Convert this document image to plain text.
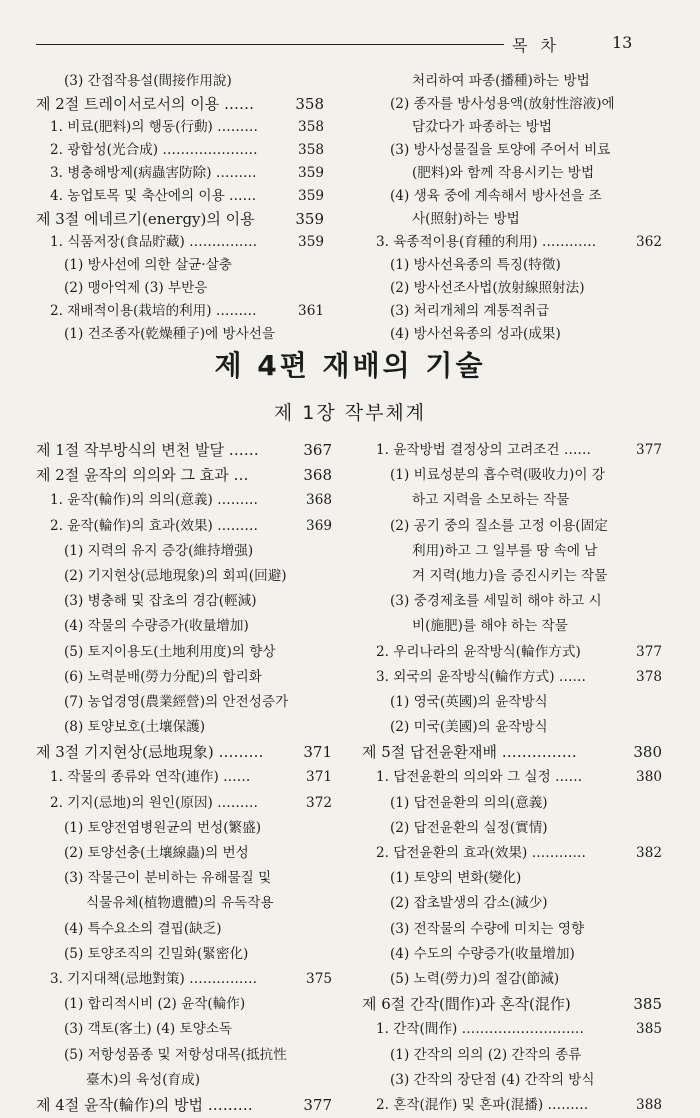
목 차	13
(3) 간접작용설(間接作用說)
제 2절 트레이서로서의 이용 ……	358
1. 비료(肥料)의 행동(行動) ………	358
2. 광합성(光合成) …………………	358
3. 병충해방제(病蟲害防除) ………	359
4. 농업토목 및 축산에의 이용 ……	359
제 3절 에네르기(energy)의 이용	359
1. 식품저장(食品貯藏) ……………	359
(1) 방사선에 의한 살균·살충
(2) 맹아억제 (3) 부반응
2. 재배적이용(栽培的利用) ………	361
(1) 건조종자(乾燥種子)에 방사선을
처리하여 파종(播種)하는 방법
(2) 종자를 방사성용액(放射性溶液)에
담갔다가 파종하는 방법
(3) 방사성물질을 토양에 주어서 비료
(肥料)와 함께 작용시키는 방법
(4) 생육 중에 계속해서 방사선을 조
사(照射)하는 방법
3. 육종적이용(育種的利用) …………	362
(1) 방사선육종의 특징(特徵)
(2) 방사선조사법(放射線照射法)
(3) 처리개체의 계통적취급
(4) 방사선육종의 성과(成果)
제 4편 재배의 기술
제 1장 작부체계
제 1절 작부방식의 변천 발달 ……	367
제 2절 윤작의 의의와 그 효과 …	368
1. 윤작(輪作)의 의의(意義) ………	368
2. 윤작(輪作)의 효과(效果) ………	369
(1) 지력의 유지 증강(維持增强)
(2) 기지현상(忌地現象)의 회피(回避)
(3) 병충해 및 잡초의 경감(輕減)
(4) 작물의 수량증가(收量增加)
(5) 토지이용도(土地利用度)의 향상
(6) 노력분배(勞力分配)의 합리화
(7) 농업경영(農業經營)의 안전성증가
(8) 토양보호(土壤保護)
제 3절 기지현상(忌地現象) ………	371
1. 작물의 종류와 연작(連作) ……	371
2. 기지(忌地)의 원인(原因) ………	372
(1) 토양전염병원균의 번성(繁盛)
(2) 토양선충(土壤線蟲)의 번성
(3) 작물근이 분비하는 유해물질 및
식물유체(植物遺體)의 유독작용
(4) 특수요소의 결핍(缺乏)
(5) 토양조직의 긴밀화(緊密化)
3. 기지대책(忌地對策) ……………	375
(1) 합리적시비 (2) 윤작(輪作)
(3) 객토(客土) (4) 토양소독
(5) 저항성품종 및 저항성대목(抵抗性
臺木)의 육성(育成)
제 4절 윤작(輪作)의 방법 ………	377
1. 윤작방법 결정상의 고려조건 ……	377
(1) 비료성분의 흡수력(吸收力)이 강
하고 지력을 소모하는 작물
(2) 공기 중의 질소를 고정 이용(固定
利用)하고 그 일부를 땅 속에 남
겨 지력(地力)을 증진시키는 작물
(3) 중경제초를 세밀히 해야 하고 시
비(施肥)를 해야 하는 작물
2. 우리나라의 윤작방식(輪作方式)	377
3. 외국의 윤작방식(輪作方式) ……	378
(1) 영국(英國)의 윤작방식
(2) 미국(美國)의 윤작방식
제 5절 답전윤환재배 ……………	380
1. 답전윤환의 의의와 그 실정 ……	380
(1) 답전윤환의 의의(意義)
(2) 답전윤환의 실정(實情)
2. 답전윤환의 효과(效果) …………	382
(1) 토양의 변화(變化)
(2) 잡초발생의 감소(減少)
(3) 전작물의 수량에 미치는 영향
(4) 수도의 수량증가(收量增加)
(5) 노력(勞力)의 절감(節減)
제 6절 간작(間作)과 혼작(混作)	385
1. 간작(間作) ………………………	385
(1) 간작의 의의 (2) 간작의 종류
(3) 간작의 장단점 (4) 간작의 방식
2. 혼작(混作) 및 혼파(混播) ………	388
